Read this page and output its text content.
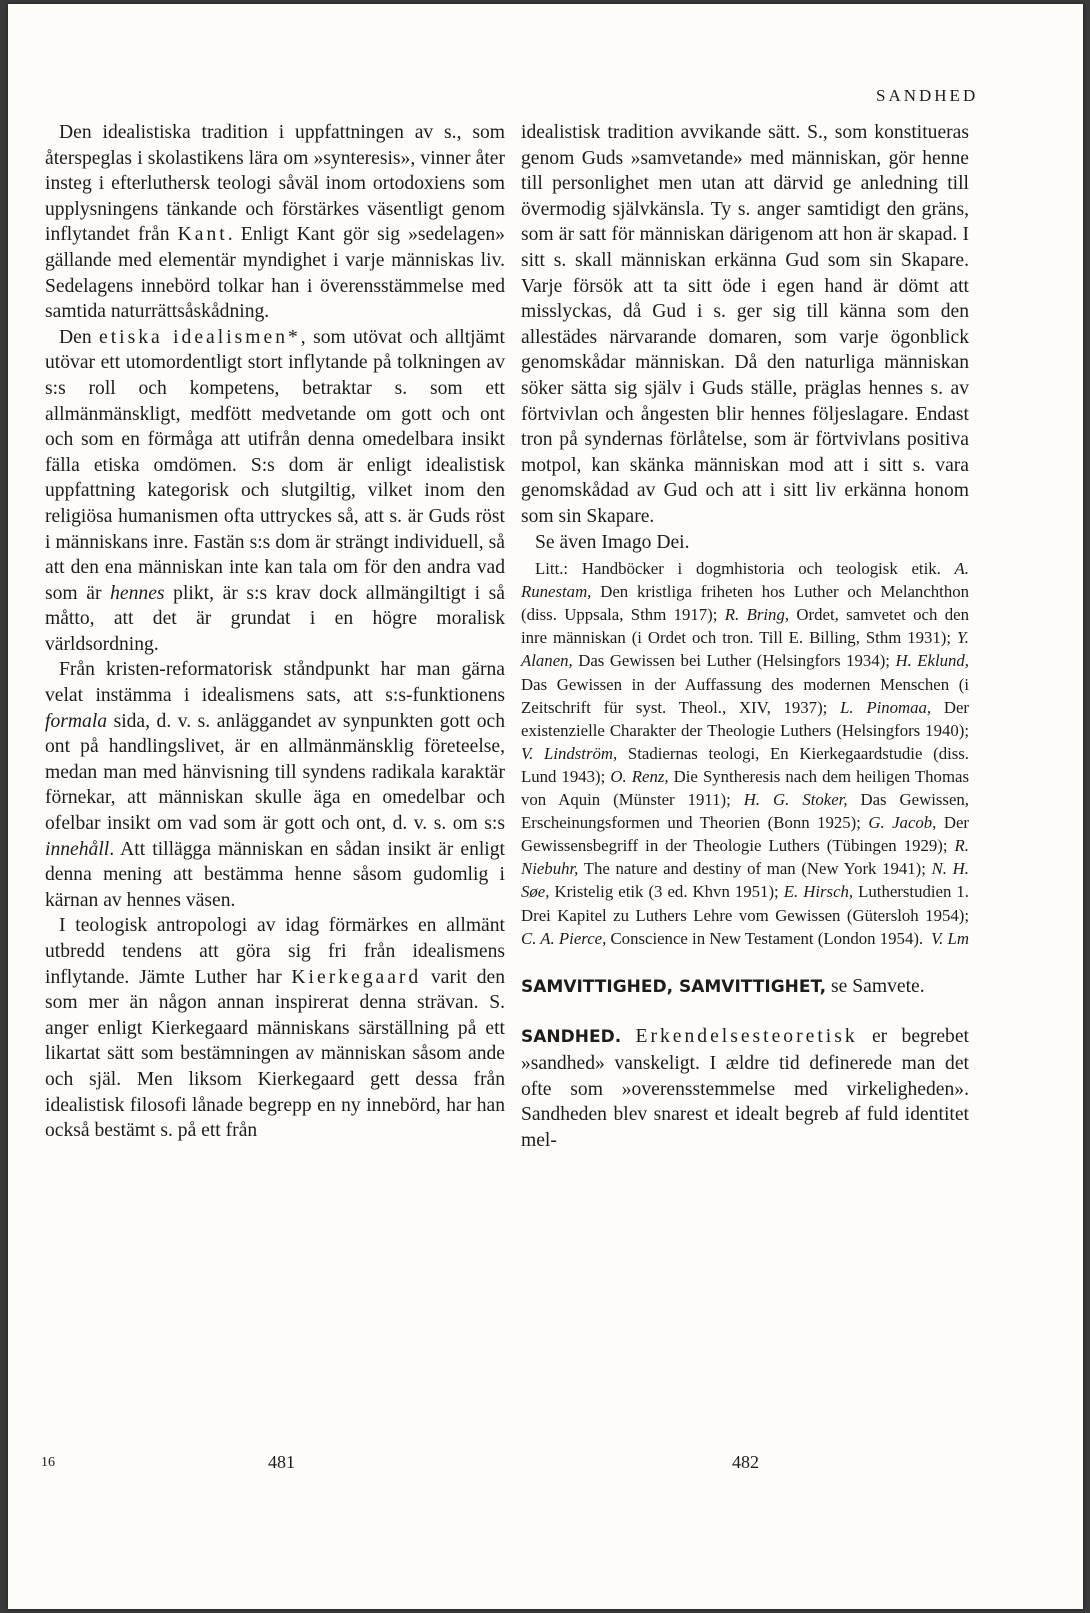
SANDHED

Den idealistiska tradition i uppfattningen av s., som återspeglas i skolastikens lära om »synteresis», vinner åter insteg i efterluthersk teologi såväl inom ortodoxiens som upplysningens tänkande och förstärkes väsentligt genom inflytandet från Kant. Enligt Kant gör sig »sedelagen» gällande med elementär myndighet i varje människas liv. Sedelagens innebörd tolkar han i överensstämmelse med samtida naturrättsåskådning.

Den etiska idealismen*, som utövat och alltjämt utövar ett utomordentligt stort inflytande på tolkningen av s:s roll och kompetens, betraktar s. som ett allmänmänskligt, medfött medvetande om gott och ont och som en förmåga att utifrån denna omedelbara insikt fälla etiska omdömen. S:s dom är enligt idealistisk uppfattning kategorisk och slutgiltig, vilket inom den religiösa humanismen ofta uttryckes så, att s. är Guds röst i människans inre. Fastän s:s dom är strängt individuell, så att den ena människan inte kan tala om för den andra vad som är hennes plikt, är s:s krav dock allmängiltigt i så måtto, att det är grundat i en högre moralisk världsordning.

Från kristen-reformatorisk ståndpunkt har man gärna velat instämma i idealismens sats, att s:s-funktionens formala sida, d. v. s. anläggandet av synpunkten gott och ont på handlingslivet, är en allmänmänsklig företeelse, medan man med hänvisning till syndens radikala karaktär förnekar, att människan skulle äga en omedelbar och ofelbar insikt om vad som är gott och ont, d. v. s. om s:s innehåll. Att tillägga människan en sådan insikt är enligt denna mening att bestämma henne såsom gudomlig i kärnan av hennes väsen.

I teologisk antropologi av idag förmärkes en allmänt utbredd tendens att göra sig fri från idealismens inflytande. Jämte Luther har Kierkegaard varit den som mer än någon annan inspirerat denna strävan. S. anger enligt Kierkegaard människans särställning på ett likartat sätt som bestämningen av människan såsom ande och själ. Men liksom Kierkegaard gett dessa från idealistisk filosofi lånade begrepp en ny innebörd, har han också bestämt s. på ett från

idealistisk tradition avvikande sätt. S., som konstitueras genom Guds »samvetande» med människan, gör henne till personlighet men utan att därvid ge anledning till övermodig självkänsla. Ty s. anger samtidigt den gräns, som är satt för människan därigenom att hon är skapad. I sitt s. skall människan erkänna Gud som sin Skapare. Varje försök att ta sitt öde i egen hand är dömt att misslyckas, då Gud i s. ger sig till känna som den allestädes närvarande domaren, som varje ögonblick genomskådar människan. Då den naturliga människan söker sätta sig själv i Guds ställe, präglas hennes s. av förtvivlan och ångesten blir hennes följeslagare. Endast tron på syndernas förlåtelse, som är förtvivlans positiva motpol, kan skänka människan mod att i sitt s. vara genomskådad av Gud och att i sitt liv erkänna honom som sin Skapare.

Se även Imago Dei.

Litt.: Handböcker i dogmhistoria och teologisk etik. A. Runestam, Den kristliga friheten hos Luther och Melanchthon (diss. Uppsala, Sthm 1917); R. Bring, Ordet, samvetet och den inre människan (i Ordet och tron. Till E. Billing, Sthm 1931); Y. Alanen, Das Gewissen bei Luther (Helsingfors 1934); H. Eklund, Das Gewissen in der Auffassung des modernen Menschen (i Zeitschrift für syst. Theol., XIV, 1937); L. Pinomaa, Der existenzielle Charakter der Theologie Luthers (Helsingfors 1940); V. Lindström, Stadiernas teologi, En Kierkegaardstudie (diss. Lund 1943); O. Renz, Die Syntheresis nach dem heiligen Thomas von Aquin (Münster 1911); H. G. Stoker, Das Gewissen, Erscheinungsformen und Theorien (Bonn 1925); G. Jacob, Der Gewissensbegriff in der Theologie Luthers (Tübingen 1929); R. Niebuhr, The nature and destiny of man (New York 1941); N. H. Søe, Kristelig etik (3 ed. Khvn 1951); E. Hirsch, Lutherstudien 1. Drei Kapitel zu Luthers Lehre vom Gewissen (Gütersloh 1954); C. A. Pierce, Conscience in New Testament (London 1954). V. Lm

SAMVITTIGHED, SAMVITTIGHET, se Samvete.

SANDHED. Erkendelsesteoretisk er begrebet »sandhed» vanskeligt. I ældre tid definerede man det ofte som »overensstemmelse med virkeligheden». Sandheden blev snarest et idealt begreb af fuld identitet mel-

16	481	482
